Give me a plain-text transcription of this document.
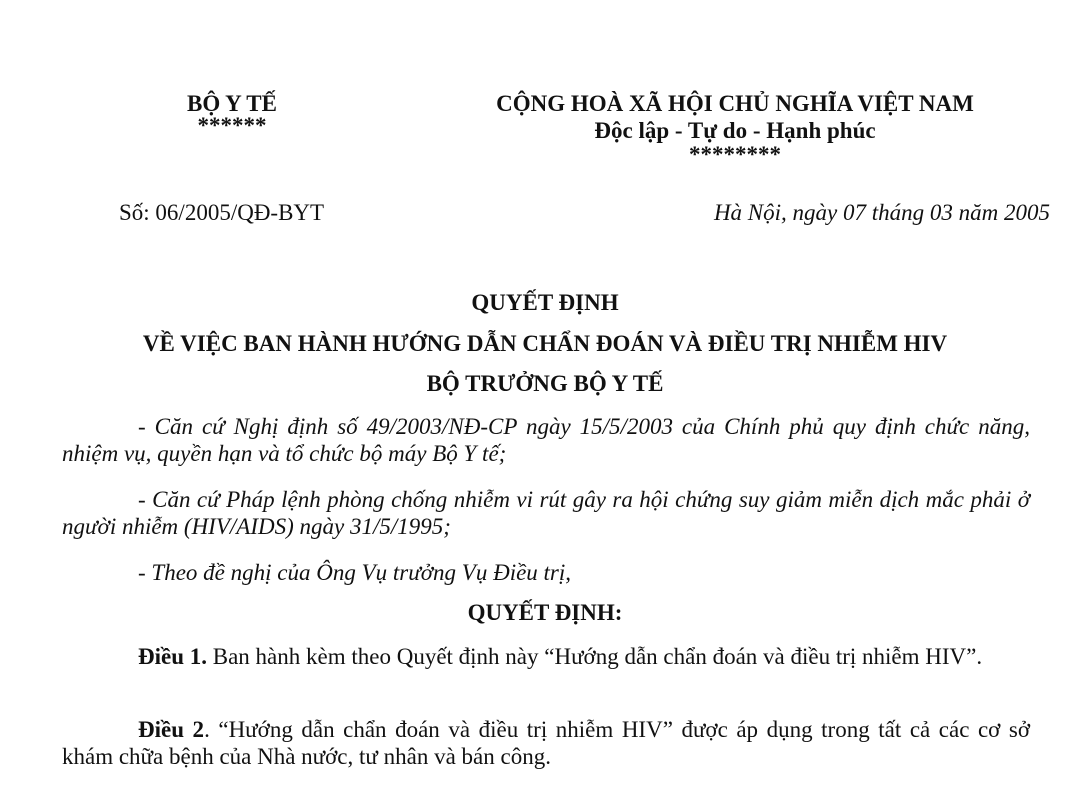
BỘ Y TẾ
******
CỘNG HOÀ XÃ HỘI CHỦ NGHĨA VIỆT NAM
Độc lập - Tự do - Hạnh phúc
********
Số: 06/2005/QĐ-BYT	Hà Nội, ngày 07 tháng 03 năm 2005
QUYẾT ĐỊNH
VỀ VIỆC BAN HÀNH HƯỚNG DẪN CHẨN ĐOÁN VÀ ĐIỀU TRỊ NHIỄM HIV
BỘ TRƯỞNG BỘ Y TẾ
- Căn cứ Nghị định số 49/2003/NĐ-CP ngày 15/5/2003 của Chính phủ quy định chức năng, nhiệm vụ, quyền hạn và tổ chức bộ máy Bộ Y tế;
- Căn cứ Pháp lệnh phòng chống nhiễm vi rút gây ra hội chứng suy giảm miễn dịch mắc phải ở người nhiễm (HIV/AIDS) ngày 31/5/1995;
- Theo đề nghị của Ông Vụ trưởng Vụ Điều trị,
QUYẾT ĐỊNH:
Điều 1. Ban hành kèm theo Quyết định này “Hướng dẫn chẩn đoán và điều trị nhiễm HIV”.
Điều 2. “Hướng dẫn chẩn đoán và điều trị nhiễm HIV” được áp dụng trong tất cả các cơ sở khám chữa bệnh của Nhà nước, tư nhân và bán công.
